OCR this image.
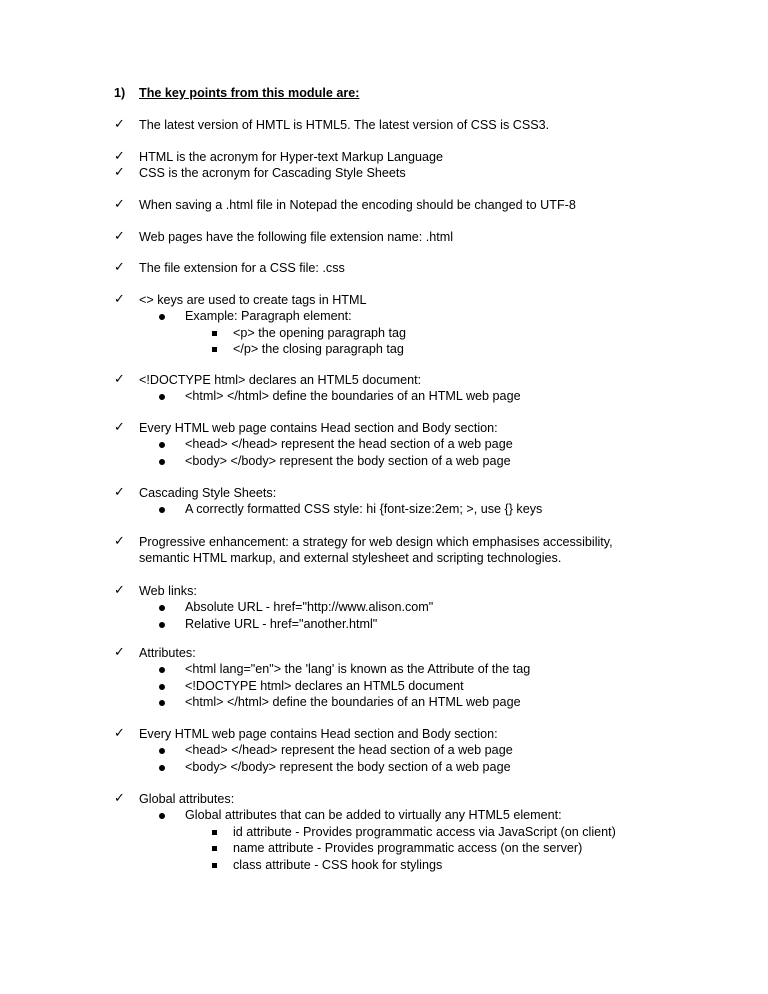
1) The key points from this module are:
✓	The latest version of HMTL is HTML5. The latest version of CSS is CSS3.
✓	HTML is the acronym for Hyper-text Markup Language
✓	CSS is the acronym for Cascading Style Sheets
✓	When saving a .html file in Notepad the encoding should be changed to UTF-8
✓	Web pages have the following file extension name: .html
✓	The file extension for a CSS file: .css
✓	<> keys are used to create tags in HTML
Example: Paragraph element:
<p> the opening paragraph tag
</p> the closing paragraph tag
✓	<!DOCTYPE html> declares an HTML5 document:
<html> </html> define the boundaries of an HTML web page
✓	Every HTML web page contains Head section and Body section:
<head> </head> represent the head section of a web page
<body> </body> represent the body section of a web page
✓	Cascading Style Sheets:
A correctly formatted CSS style: hi {font-size:2em; >, use {} keys
✓	Progressive enhancement: a strategy for web design which emphasises accessibility,
semantic HTML markup, and external stylesheet and scripting technologies.
✓	Web links:
Absolute URL - href="http://www.alison.com"
Relative URL - href="another.html"
✓	Attributes:
<html lang="en"> the 'lang' is known as the Attribute of the tag
<!DOCTYPE html> declares an HTML5 document
<html> </html> define the boundaries of an HTML web page
✓	Every HTML web page contains Head section and Body section:
<head> </head> represent the head section of a web page
<body> </body> represent the body section of a web page
✓	Global attributes:
Global attributes that can be added to virtually any HTML5 element:
id attribute - Provides programmatic access via JavaScript (on client)
name attribute - Provides programmatic access (on the server)
class attribute - CSS hook for stylings
